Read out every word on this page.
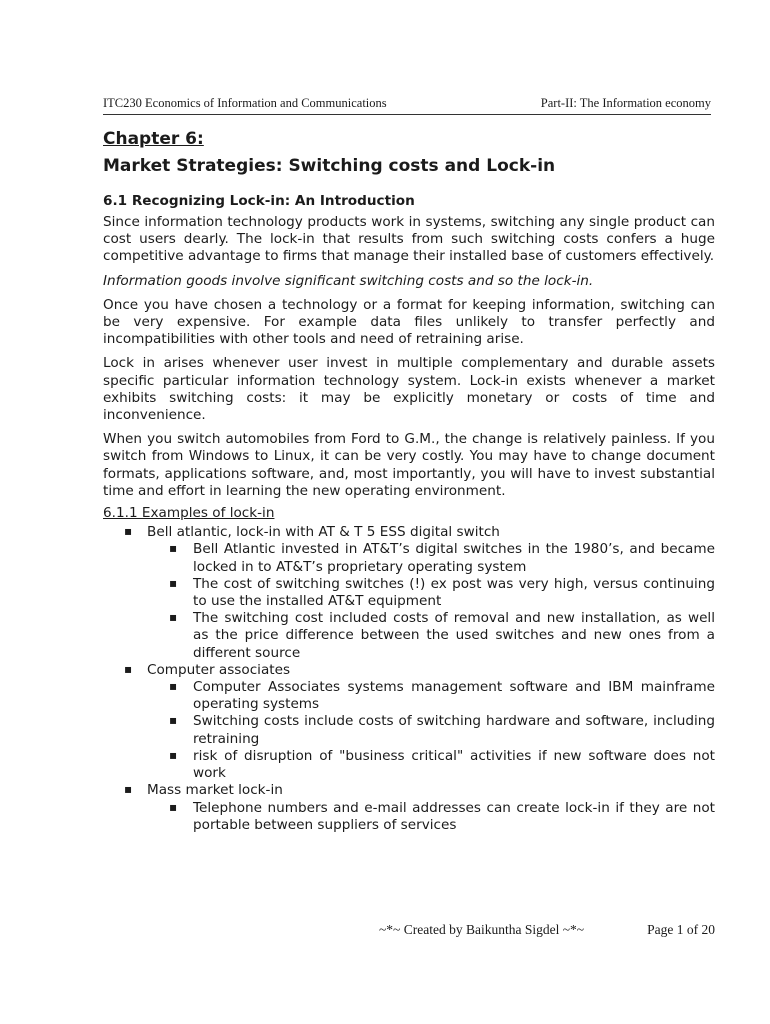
ITC230 Economics of Information and Communications	Part-II: The Information economy
Chapter 6:
Market Strategies: Switching costs and Lock-in
6.1 Recognizing Lock-in: An Introduction

Since information technology products work in systems, switching any single product can cost users dearly. The lock-in that results from such switching costs confers a huge competitive advantage to firms that manage their installed base of customers effectively.

Information goods involve significant switching costs and so the lock-in.

Once you have chosen a technology or a format for keeping information, switching can be very expensive. For example data files unlikely to transfer perfectly and incompatibilities with other tools and need of retraining arise.

Lock in arises whenever user invest in multiple complementary and durable assets specific particular information technology system. Lock-in exists whenever a market exhibits switching costs: it may be explicitly monetary or costs of time and inconvenience.

When you switch automobiles from Ford to G.M., the change is relatively painless. If you switch from Windows to Linux, it can be very costly. You may have to change document formats, applications software, and, most importantly, you will have to invest substantial time and effort in learning the new operating environment.

6.1.1 Examples of lock-in
▪ Bell atlantic, lock-in with AT & T 5 ESS digital switch
▪ Bell Atlantic invested in AT&T’s digital switches in the 1980’s, and became locked in to AT&T’s proprietary operating system
▪ The cost of switching switches (!) ex post was very high, versus continuing to use the installed AT&T equipment
▪ The switching cost included costs of removal and new installation, as well as the price difference between the used switches and new ones from a different source
▪ Computer associates
▪ Computer Associates systems management software and IBM mainframe operating systems
▪ Switching costs include costs of switching hardware and software, including retraining
▪ risk of disruption of "business critical" activities if new software does not work
▪ Mass market lock-in
▪ Telephone numbers and e-mail addresses can create lock-in if they are not portable between suppliers of services
~*~ Created by Baikuntha Sigdel ~*~	Page 1 of 20
